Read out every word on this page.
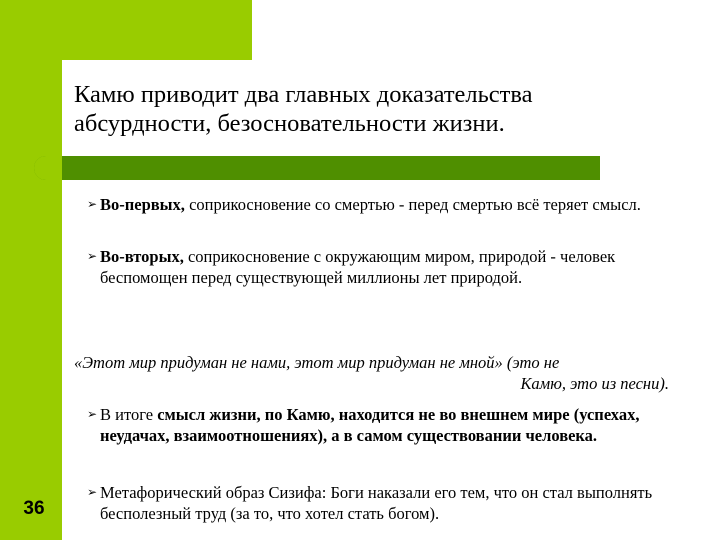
Камю приводит два главных доказательства абсурдности, безосновательности жизни.
➢ Во-первых, соприкосновение со смертью - перед смертью всё теряет смысл.
➢ Во-вторых, соприкосновение с окружающим миром, природой - человек беспомощен перед существующей миллионы лет природой.
«Этот мир придуман не нами, этот мир придуман не мной» (это не
Камю, это из песни).
➢ В итоге смысл жизни, по Камю, находится не во внешнем мире (успехах, неудачах, взаимоотношениях), а в самом существовании человека.
➢ Метафорический образ Сизифа: Боги наказали его тем, что он стал выполнять бесполезный труд (за то, что хотел стать богом).
36
